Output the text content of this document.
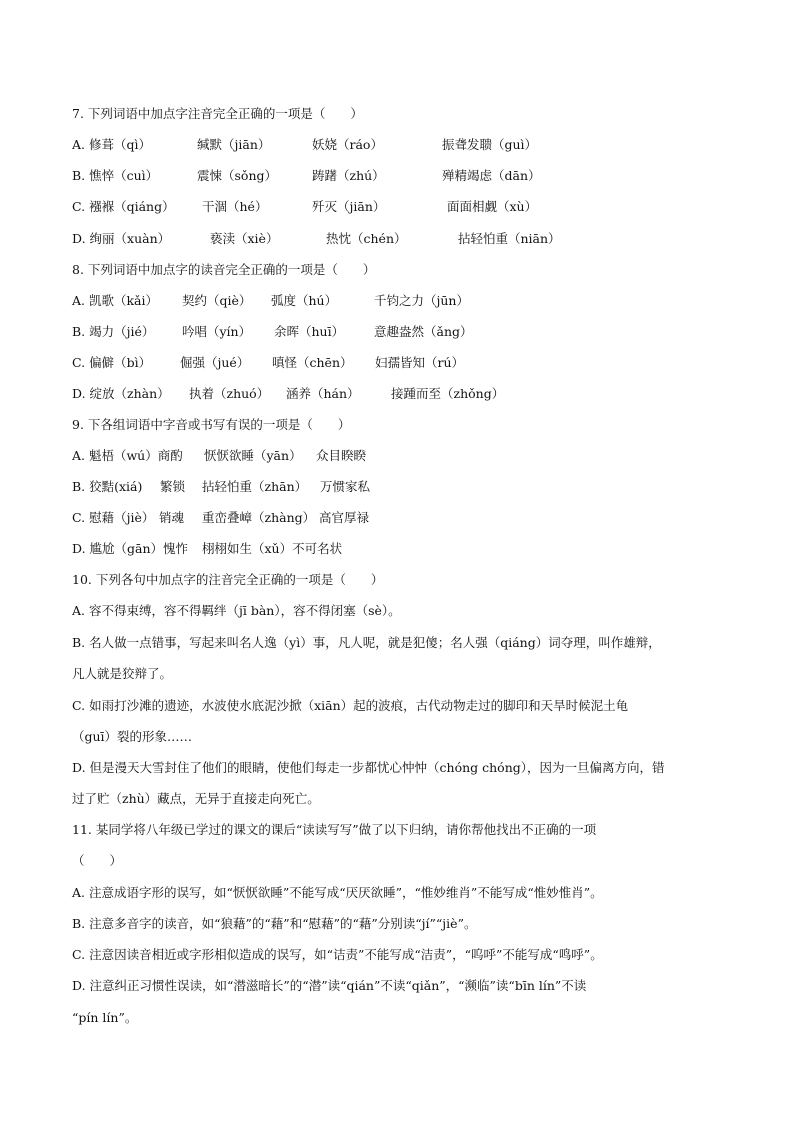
7. 下列词语中加点字注音完全正确的一项是（　　）
A. 修葺（qì）	缄默（jiān）	妖娆（ráo）	振聋发聩（guì）
B. 憔悴（cuì）	震悚（sǒng）	踌躇（zhú）	殚精竭虑（dān）
C. 襁褓（qiáng）	干涸（hé）	歼灭（jiān）	面面相觑（xù）
D. 绚丽（xuàn）	亵渎（xiè）	热忱（chén）	拈轻怕重（niān）
8. 下列词语中加点字的读音完全正确的一项是（　　）
A. 凯歌（kǎi）	契约（qiè）	弧度（hú）	千钧之力（jūn）
B. 竭力（jié）	吟唱（yín）	余晖（huī）	意趣盎然（ǎng）
C. 偏僻（bì）	倔强（jué）	嗔怪（chēn）	妇孺皆知（rú）
D. 绽放（zhàn）	执着（zhuó）	涵养（hán）	接踵而至（zhǒng）
9. 下各组词语中字音或书写有误的一项是（　　）
A. 魁梧（wú）商酌	恹恹欲睡（yān）	众目睽睽
B. 狡黠(xiá)	繁锁	拈轻怕重（zhān）	万惯家私
C. 慰藉（jiè） 销魂	重峦叠嶂（zhàng） 高官厚禄
D. 尴尬（gān）愧怍	栩栩如生（xǔ）不可名状
10. 下列各句中加点字的注音完全正确的一项是（　　）
A. 容不得束缚，容不得羁绊（jī bàn），容不得闭塞（sè）。
B. 名人做一点错事，写起来叫名人逸（yì）事，凡人呢，就是犯傻；名人强（qiáng）词夺理，叫作雄辩，
凡人就是狡辩了。
C. 如雨打沙滩的遗迹，水波使水底泥沙掀（xiān）起的波痕，古代动物走过的脚印和天旱时候泥土龟
（guī）裂的形象……
D. 但是漫天大雪封住了他们的眼睛，使他们每走一步都忧心忡忡（chóng chóng），因为一旦偏离方向，错
过了贮（zhù）藏点，无异于直接走向死亡。
11. 某同学将八年级已学过的课文的课后“读读写写”做了以下归纳，请你帮他找出不正确的一项
（　　）
A. 注意成语字形的误写，如“恹恹欲睡”不能写成“厌厌欲睡”，“惟妙维肖”不能写成“惟妙惟肖”。
B. 注意多音字的读音，如“狼藉”的“藉”和“慰藉”的“藉”分别读“jí”“jiè”。
C. 注意因读音相近或字形相似造成的误写，如“诘责”不能写成“洁责”，“呜呼”不能写成“鸣呼”。
D. 注意纠正习惯性误读，如“潜滋暗长”的“潜”读“qián”不读“qiǎn”，“濒临”读“bīn lín”不读
“pín lín”。
